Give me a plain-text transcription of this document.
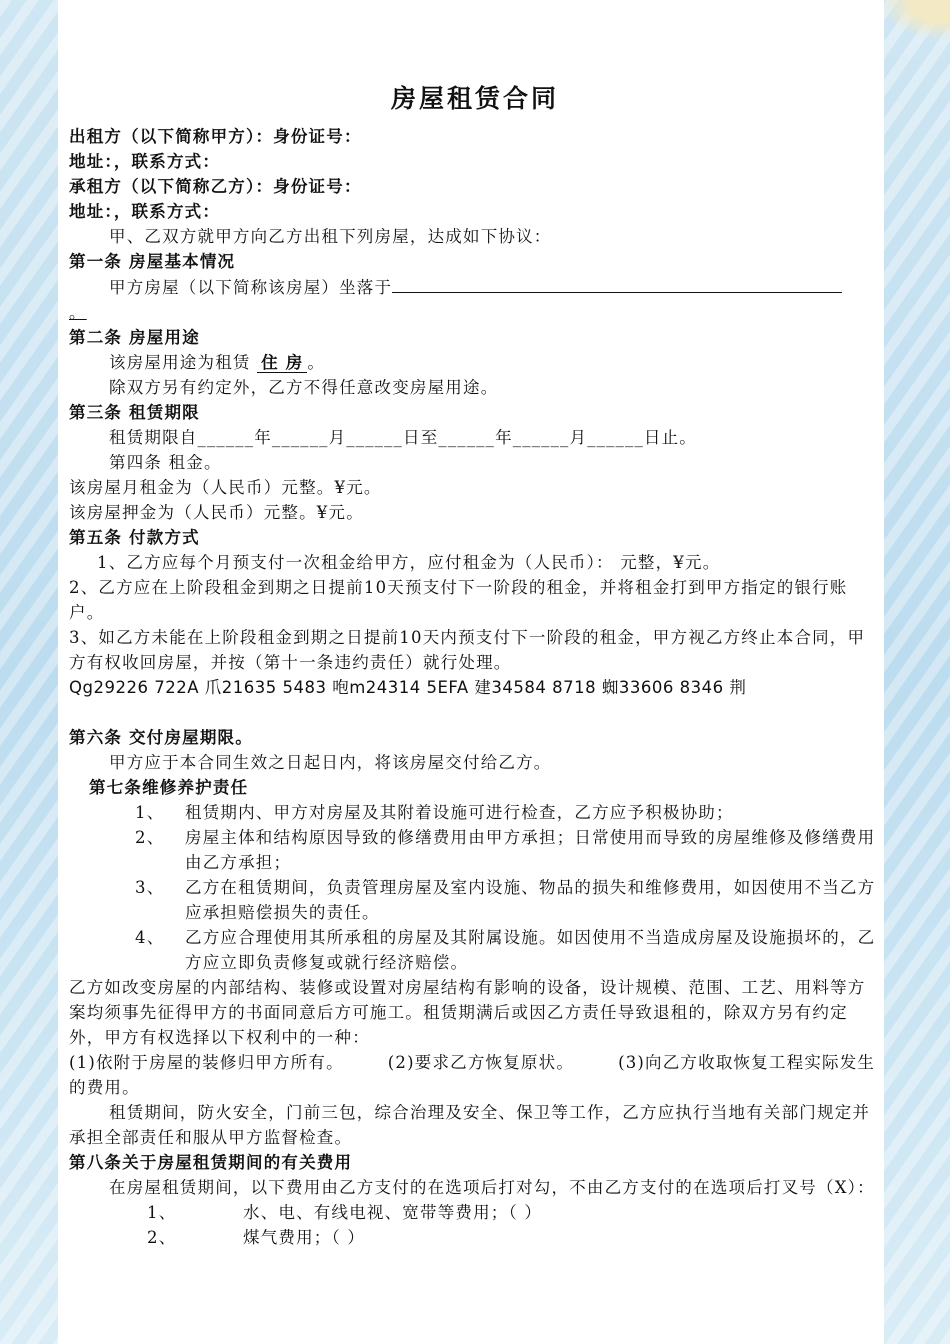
房屋租赁合同
出租方（以下简称甲方）：身份证号：
地址：，联系方式：
承租方（以下简称乙方）：身份证号：
地址：，联系方式：
甲、乙双方就甲方向乙方出租下列房屋，达成如下协议：
第一条 房屋基本情况
甲方房屋（以下简称该房屋）坐落于
。
第二条 房屋用途
该房屋用途为租赁 住 房 。
除双方另有约定外，乙方不得任意改变房屋用途。
第三条 租赁期限
租赁期限自______年______月______日至______年______月______日止。
第四条 租金。
该房屋月租金为（人民币）元整。¥元。
该房屋押金为（人民币）元整。¥元。
第五条 付款方式
1、乙方应每个月预支付一次租金给甲方，应付租金为（人民币）： 元整，¥元。
2、乙方应在上阶段租金到期之日提前10天预支付下一阶段的租金，并将租金打到甲方指定的银行账户。
3、如乙方未能在上阶段租金到期之日提前10天内预支付下一阶段的租金，甲方视乙方终止本合同，甲方有权收回房屋，并按（第十一条违约责任）就行处理。
Qg29226 722A 爪21635 5483 咆m24314 5EFA 建34584 8718 蜘33606 8346 荆
第六条 交付房屋期限。
甲方应于本合同生效之日起日内，将该房屋交付给乙方。
第七条维修养护责任
1、	租赁期内、甲方对房屋及其附着设施可进行检查，乙方应予积极协助；
2、	房屋主体和结构原因导致的修缮费用由甲方承担；日常使用而导致的房屋维修及修缮费用由乙方承担；
3、	乙方在租赁期间，负责管理房屋及室内设施、物品的损失和维修费用，如因使用不当乙方应承担赔偿损失的责任。
4、	乙方应合理使用其所承租的房屋及其附属设施。如因使用不当造成房屋及设施损坏的，乙方应立即负责修复或就行经济赔偿。
乙方如改变房屋的内部结构、装修或设置对房屋结构有影响的设备，设计规模、范围、工艺、用料等方案均须事先征得甲方的书面同意后方可施工。租赁期满后或因乙方责任导致退租的，除双方另有约定外，甲方有权选择以下权利中的一种：
(1)依附于房屋的装修归甲方所有。	(2)要求乙方恢复原状。	(3)向乙方收取恢复工程实际发生的费用。
租赁期间，防火安全，门前三包，综合治理及安全、保卫等工作，乙方应执行当地有关部门规定并承担全部责任和服从甲方监督检查。
第八条关于房屋租赁期间的有关费用
在房屋租赁期间，以下费用由乙方支付的在选项后打对勾，不由乙方支付的在选项后打叉号（X）：
1、	水、电、有线电视、宽带等费用；（ ）
2、	煤气费用；（ ）
